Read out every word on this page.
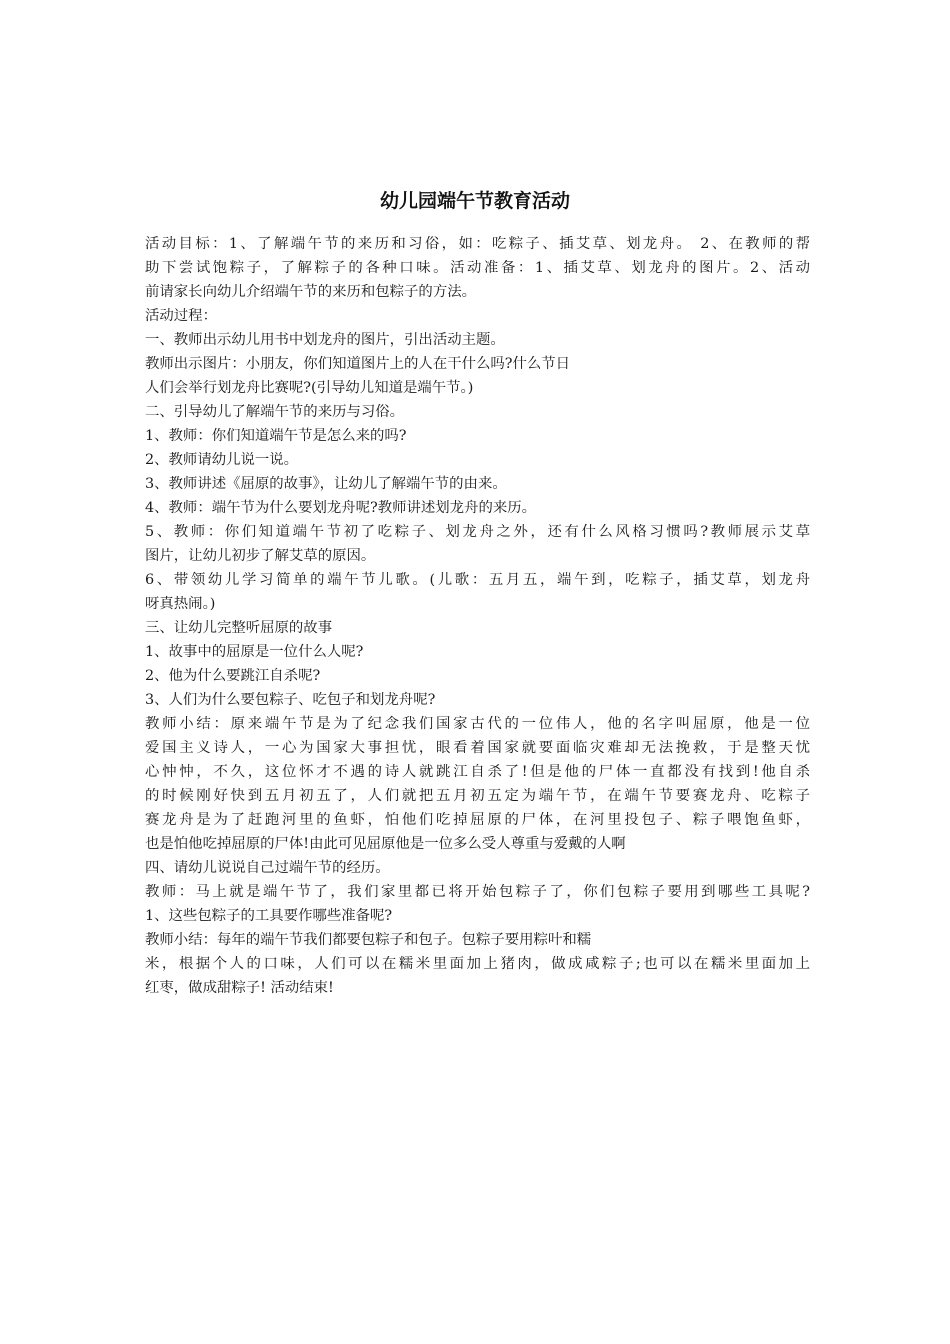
幼儿园端午节教育活动
活动目标：1、了解端午节的来历和习俗，如：吃粽子、插艾草、划龙舟。 2、在教师的帮
助下尝试饱粽子，了解粽子的各种口味。活动准备：1、插艾草、划龙舟的图片。2、活动
前请家长向幼儿介绍端午节的来历和包粽子的方法。
活动过程：
一、教师出示幼儿用书中划龙舟的图片，引出活动主题。
教师出示图片：小朋友，你们知道图片上的人在干什么吗?什么节日
人们会举行划龙舟比赛呢?(引导幼儿知道是端午节。)
二、引导幼儿了解端午节的来历与习俗。
1、教师：你们知道端午节是怎么来的吗?
2、教师请幼儿说一说。
3、教师讲述《屈原的故事》，让幼儿了解端午节的由来。
4、教师：端午节为什么要划龙舟呢?教师讲述划龙舟的来历。
5、教师：你们知道端午节初了吃粽子、划龙舟之外，还有什么风格习惯吗?教师展示艾草
图片，让幼儿初步了解艾草的原因。
6、带领幼儿学习简单的端午节儿歌。(儿歌：五月五，端午到，吃粽子，插艾草，划龙舟
呀真热闹。)
三、让幼儿完整听屈原的故事
1、故事中的屈原是一位什么人呢?
2、他为什么要跳江自杀呢?
3、人们为什么要包粽子、吃包子和划龙舟呢?
教师小结：原来端午节是为了纪念我们国家古代的一位伟人，他的名字叫屈原，他是一位
爱国主义诗人，一心为国家大事担忧，眼看着国家就要面临灾难却无法挽救，于是整天忧
心忡忡，不久，这位怀才不遇的诗人就跳江自杀了!但是他的尸体一直都没有找到!他自杀
的时候刚好快到五月初五了，人们就把五月初五定为端午节，在端午节要赛龙舟、吃粽子
赛龙舟是为了赶跑河里的鱼虾，怕他们吃掉屈原的尸体，在河里投包子、粽子喂饱鱼虾，
也是怕他吃掉屈原的尸体!由此可见屈原他是一位多么受人尊重与爱戴的人啊
四、请幼儿说说自己过端午节的经历。
教师：马上就是端午节了，我们家里都已将开始包粽子了，你们包粽子要用到哪些工具呢?
1、这些包粽子的工具要作哪些准备呢?
教师小结：每年的端午节我们都要包粽子和包子。包粽子要用粽叶和糯
米，根据个人的口味，人们可以在糯米里面加上猪肉，做成咸粽子;也可以在糯米里面加上
红枣，做成甜粽子! 活动结束!
